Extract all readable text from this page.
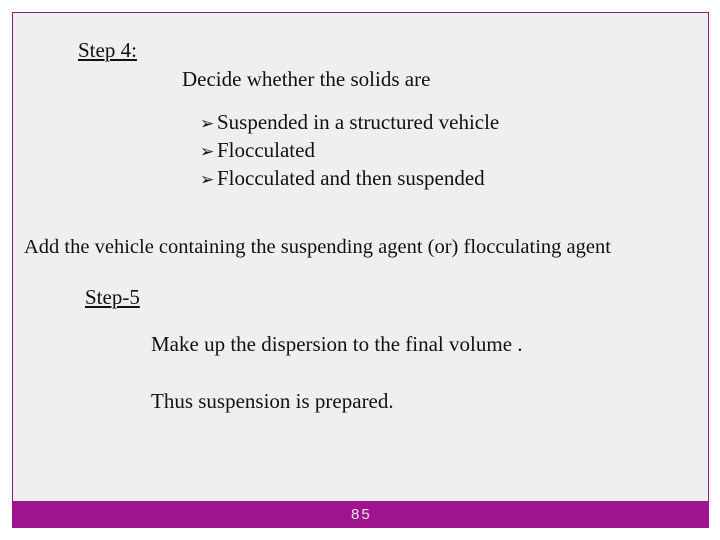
Step 4:
Decide whether the solids are
➢ Suspended in a structured vehicle
➢ Flocculated
➢ Flocculated and then suspended
Add the vehicle containing the suspending agent (or) flocculating agent
Step-5
Make up the dispersion to the final volume .
Thus suspension is prepared.
85
